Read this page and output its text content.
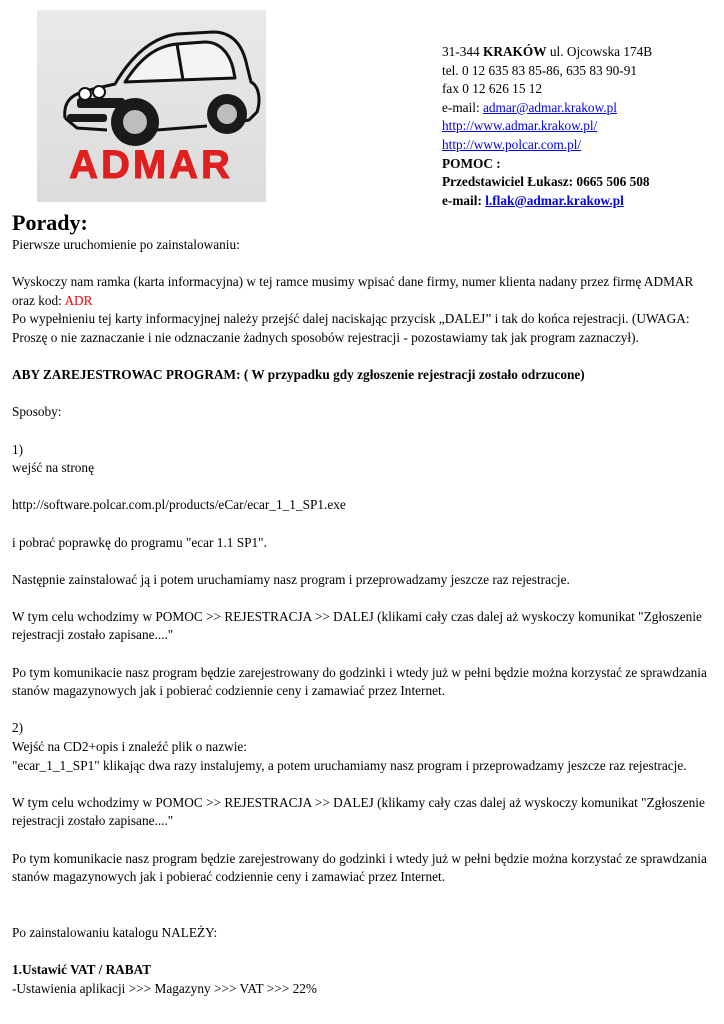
ADMAR
31-344 KRAKÓW ul. Ojcowska 174B
tel. 0 12 635 83 85-86, 635 83 90-91
fax 0 12 626 15 12
e-mail: admar@admar.krakow.pl
http://www.admar.krakow.pl/
http://www.polcar.com.pl/
POMOC :
Przedstawiciel Łukasz: 0665 506 508
e-mail: l.flak@admar.krakow.pl
Porady:

Pierwsze uruchomienie po zainstalowaniu:

Wyskoczy nam ramka (karta informacyjna) w tej ramce musimy wpisać dane firmy, numer klienta nadany przez firmę ADMAR oraz kod: ADR

Po wypełnieniu tej karty informacyjnej należy przejść dalej naciskając przycisk „DALEJ” i tak do końca rejestracji. (UWAGA: Proszę o nie zaznaczanie i nie odznaczanie żadnych sposobów rejestracji - pozostawiamy tak jak program zaznaczył).

ABY ZAREJESTROWAC PROGRAM: ( W przypadku gdy zgłoszenie rejestracji zostało odrzucone)

Sposoby:

1)

wejść na stronę

http://software.polcar.com.pl/products/eCar/ecar_1_1_SP1.exe

i pobrać poprawkę do programu "ecar 1.1 SP1".

Następnie zainstalować ją i potem uruchamiamy nasz program i przeprowadzamy jeszcze raz rejestracje.

W tym celu wchodzimy w POMOC >> REJESTRACJA >> DALEJ (klikami cały czas dalej aż wyskoczy komunikat "Zgłoszenie rejestracji zostało zapisane...."

Po tym komunikacie nasz program będzie zarejestrowany do godzinki i wtedy już w pełni będzie można korzystać ze sprawdzania stanów magazynowych jak i pobierać codziennie ceny i zamawiać przez Internet.

2)

Wejść na CD2+opis i znaleźć plik o nazwie:

"ecar_1_1_SP1" klikając dwa razy instalujemy, a potem uruchamiamy nasz program i przeprowadzamy jeszcze raz rejestracje.

W tym celu wchodzimy w POMOC >> REJESTRACJA >> DALEJ (klikamy cały czas dalej aż wyskoczy komunikat "Zgłoszenie rejestracji zostało zapisane...."

Po tym komunikacie nasz program będzie zarejestrowany do godzinki i wtedy już w pełni będzie można korzystać ze sprawdzania stanów magazynowych jak i pobierać codziennie ceny i zamawiać przez Internet.

Po zainstalowaniu katalogu NALEŻY:

1.Ustawić VAT / RABAT

-Ustawienia aplikacji >>> Magazyny >>> VAT >>> 22%
